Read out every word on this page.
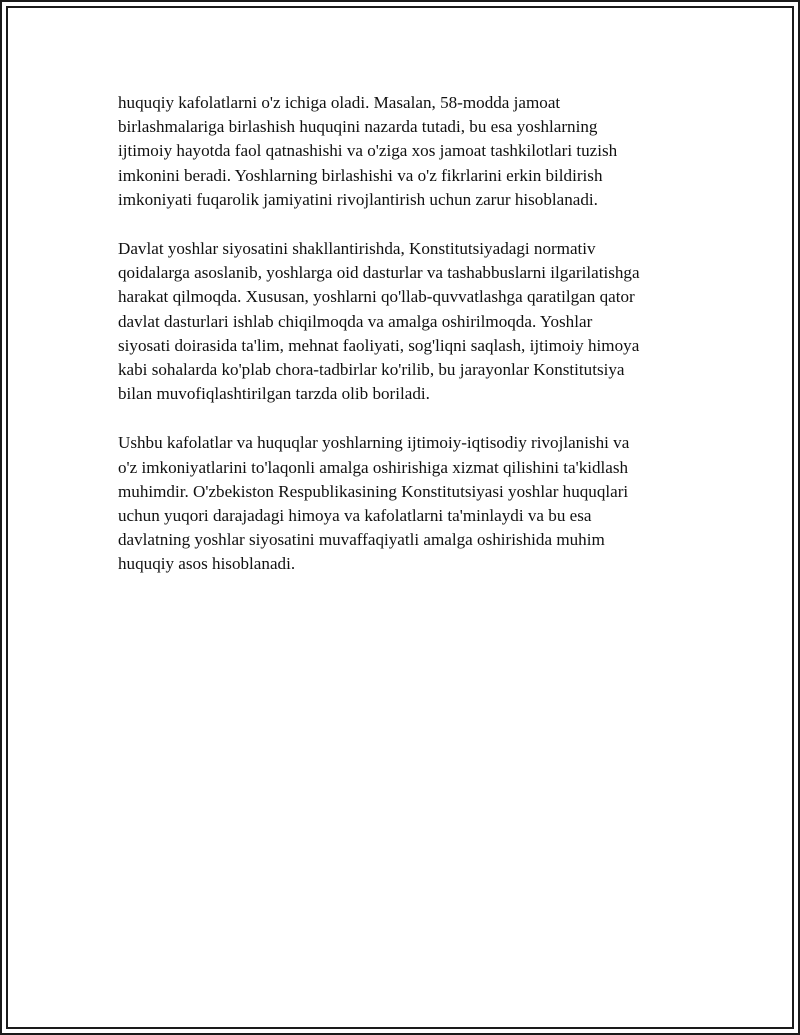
huquqiy kafolatlarni o'z ichiga oladi. Masalan, 58-modda jamoat
birlashmalariga birlashish huquqini nazarda tutadi, bu esa yoshlarning
ijtimoiy hayotda faol qatnashishi va o'ziga xos jamoat tashkilotlari tuzish
imkonini beradi. Yoshlarning birlashishi va o'z fikrlarini erkin bildirish
imkoniyati fuqarolik jamiyatini rivojlantirish uchun zarur hisoblanadi.

Davlat yoshlar siyosatini shakllantirishda, Konstitutsiyadagi normativ
qoidalarga asoslanib, yoshlarga oid dasturlar va tashabbuslarni ilgarilatishga
harakat qilmoqda. Xususan, yoshlarni qo'llab-quvvatlashga qaratilgan qator
davlat dasturlari ishlab chiqilmoqda va amalga oshirilmoqda. Yoshlar
siyosati doirasida ta'lim, mehnat faoliyati, sog'liqni saqlash, ijtimoiy himoya
kabi sohalarda ko'plab chora-tadbirlar ko'rilib, bu jarayonlar Konstitutsiya
bilan muvofiqlashtirilgan tarzda olib boriladi.

Ushbu kafolatlar va huquqlar yoshlarning ijtimoiy-iqtisodiy rivojlanishi va
o'z imkoniyatlarini to'laqonli amalga oshirishiga xizmat qilishini ta'kidlash
muhimdir. O'zbekiston Respublikasining Konstitutsiyasi yoshlar huquqlari
uchun yuqori darajadagi himoya va kafolatlarni ta'minlaydi va bu esa
davlatning yoshlar siyosatini muvaffaqiyatli amalga oshirishida muhim
huquqiy asos hisoblanadi.
